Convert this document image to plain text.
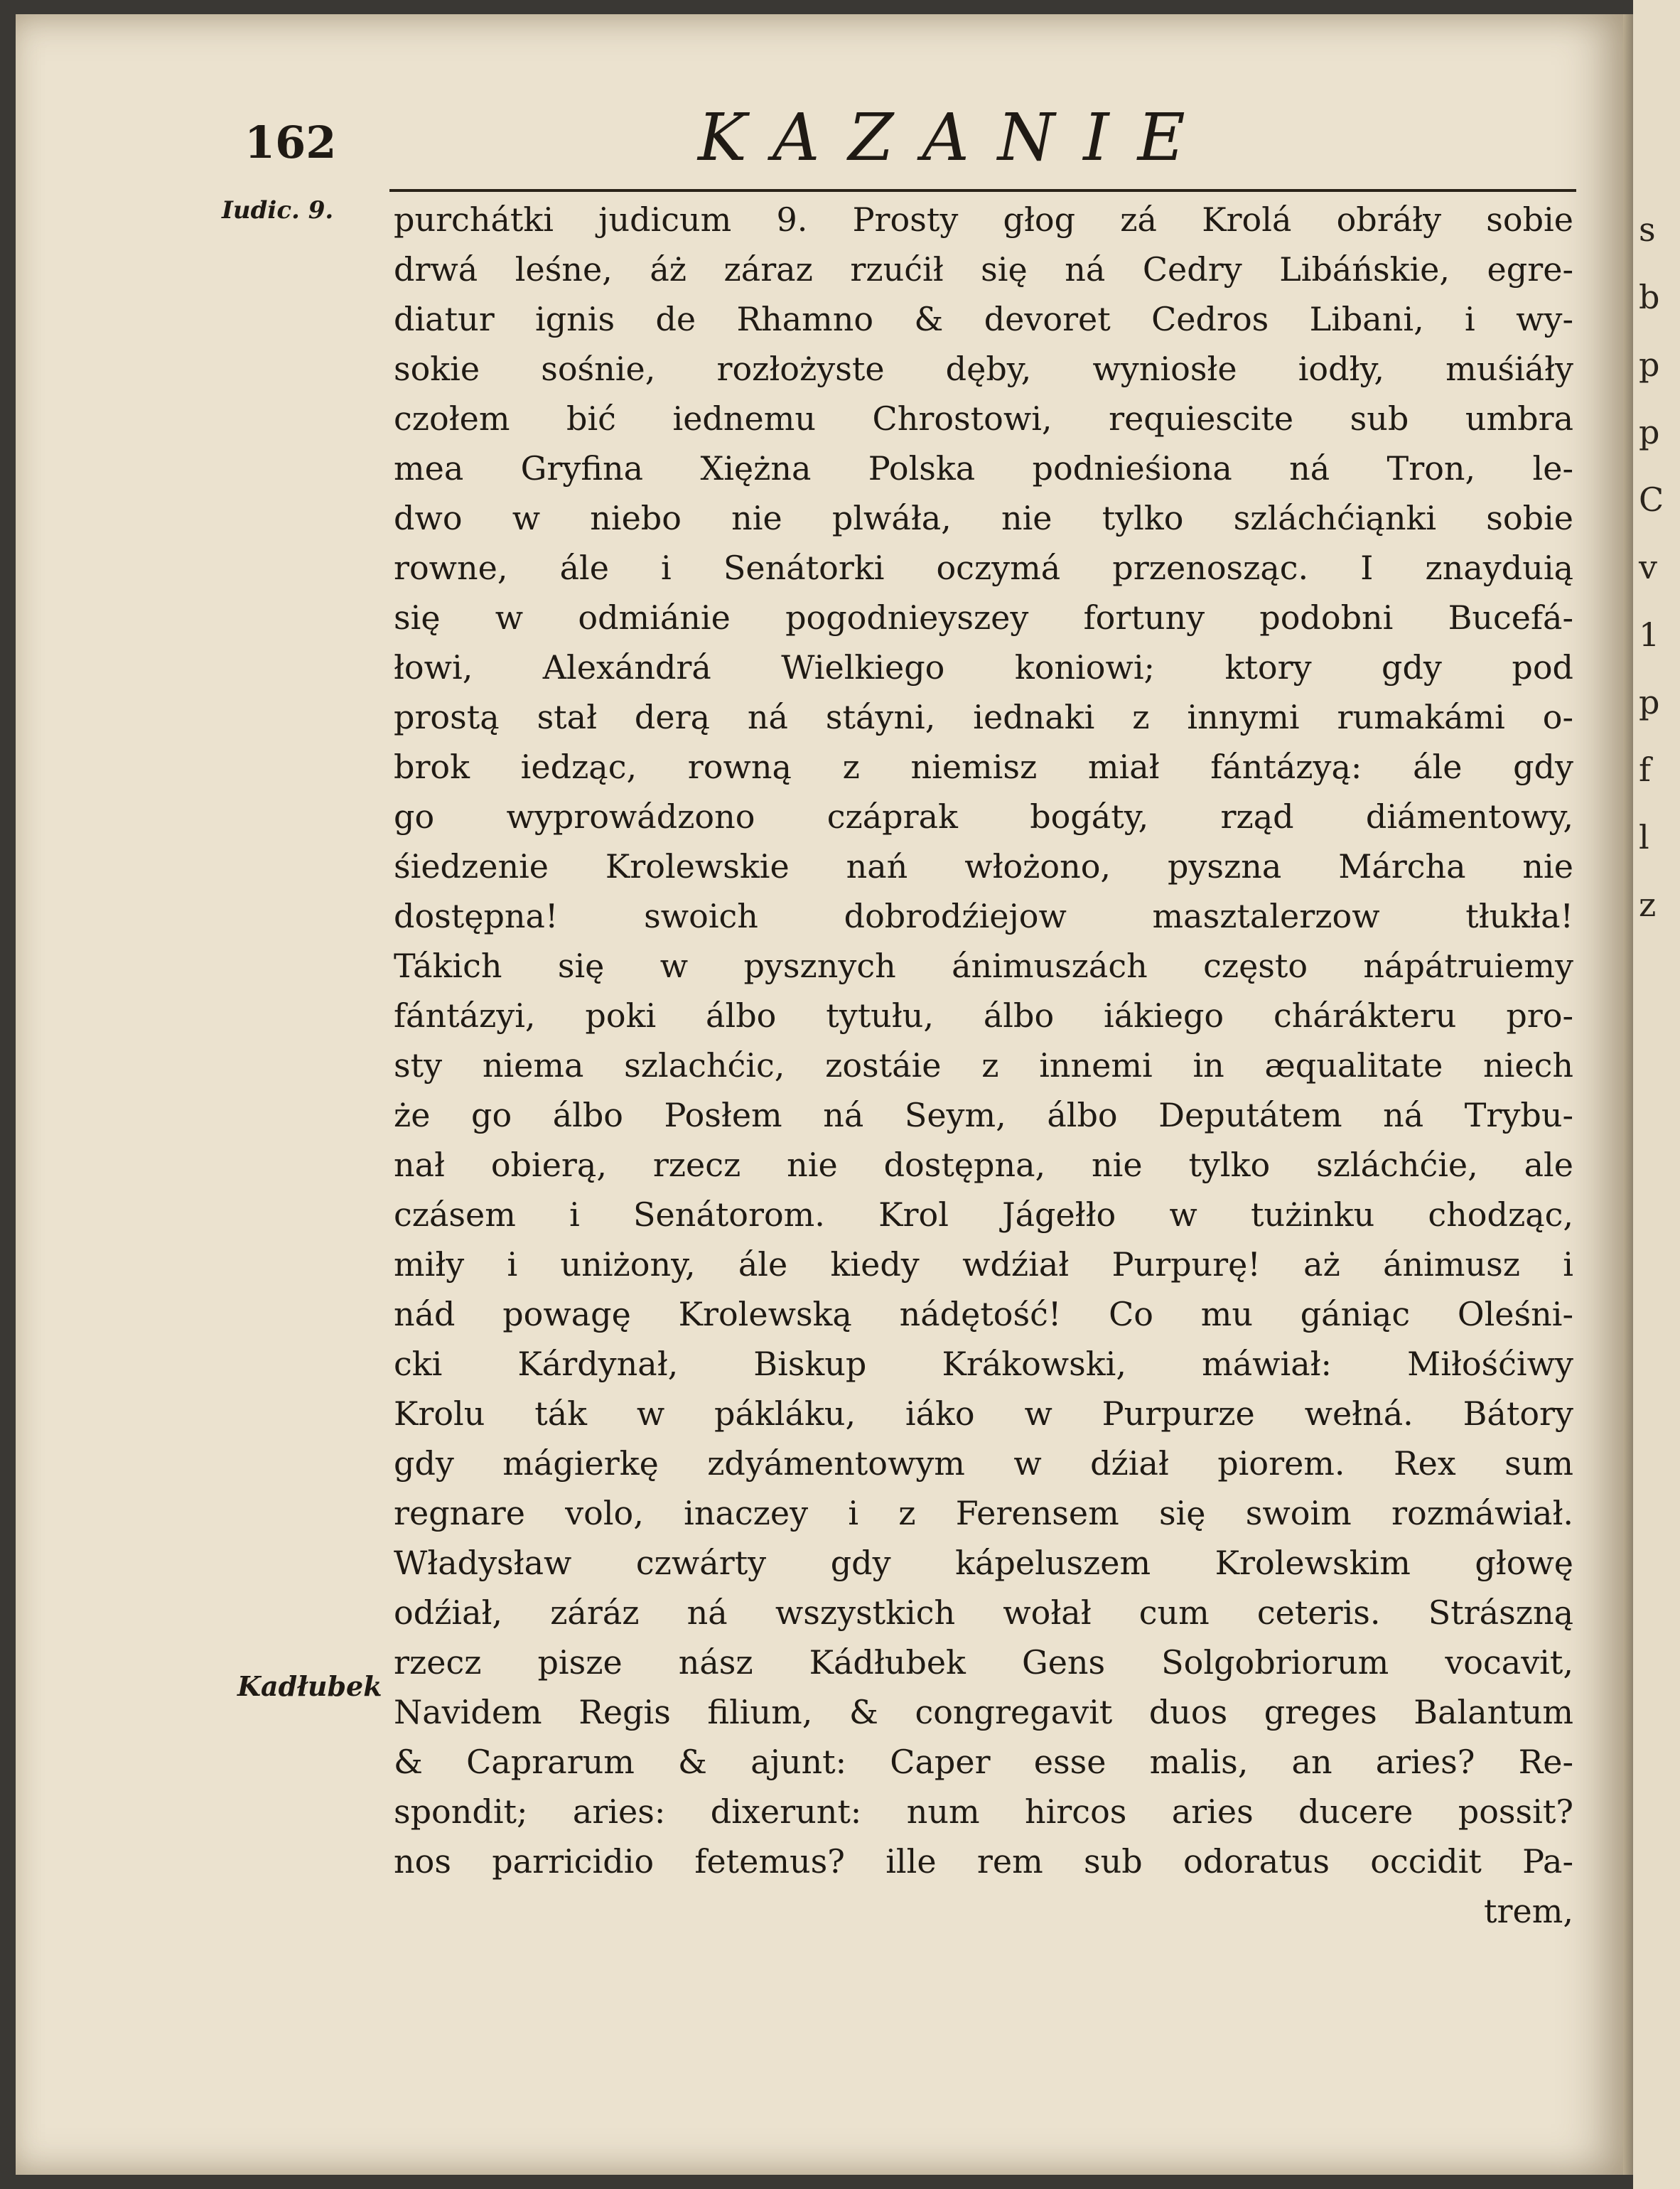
162	KAZANIE
Iudic. 9.
Kadłubek
purchátki judicum 9. Prosty głog zá Krolá obráły sobie
drwá leśne, áż záraz rzućił się ná Cedry Libáńskie, egre-
diatur ignis de Rhamno & devoret Cedros Libani, i wy-
sokie sośnie, rozłożyste dęby, wyniosłe iodły, muśiáły
czołem bić iednemu Chrostowi, requiescite sub umbra
mea Gryfina Xiężna Polska podnieśiona ná Tron, le-
dwo w niebo nie plwáła, nie tylko szláchćiąnki sobie
rowne, ále i Senátorki oczymá przenosząc. I znayduią
się w odmiánie pogodnieyszey fortuny podobni Bucefá-
łowi, Alexándrá Wielkiego koniowi; ktory gdy pod
prostą stał derą ná stáyni, iednaki z innymi rumakámi o-
brok iedząc, rowną z niemisz miał fántázyą: ále gdy
go wyprowádzono czáprak bogáty, rząd diámentowy,
śiedzenie Krolewskie nań włożono, pyszna Márcha nie
dostępna! swoich dobrodźiejow masztalerzow tłukła!
Tákich się w pysznych ánimuszách często nápátruiemy
fántázyi, poki álbo tytułu, álbo iákiego chárákteru pro-
sty niema szlachćic, zostáie z innemi in æqualitate niech
że go álbo Posłem ná Seym, álbo Deputátem ná Trybu-
nał obierą, rzecz nie dostępna, nie tylko szláchćie, ale
czásem i Senátorom. Krol Jágełło w tużinku chodząc,
miły i uniżony, ále kiedy wdźiał Purpurę! aż ánimusz i
nád powagę Krolewską nádętość! Co mu gániąc Oleśni-
cki Kárdynał, Biskup Krákowski, máwiał: Miłośćiwy
Krolu ták w pákláku, iáko w Purpurze wełná. Bátory
gdy mágierkę zdyámentowym w dźiał piorem. Rex sum
regnare volo, inaczey i z Ferensem się swoim rozmáwiał.
Władysław czwárty gdy kápeluszem Krolewskim głowę
odźiał, záráz ná wszystkich wołał cum ceteris. Strászną
rzecz pisze nász Kádłubek Gens Solgobriorum vocavit,
Navidem Regis filium, & congregavit duos greges Balantum
& Caprarum & ajunt: Caper esse malis, an aries? Re-
spondit; aries: dixerunt: num hircos aries ducere possit?
nos parricidio fetemus? ille rem sub odoratus occidit Pa-
trem,
s
b
p
p
C
v
1
p
f
l
z
